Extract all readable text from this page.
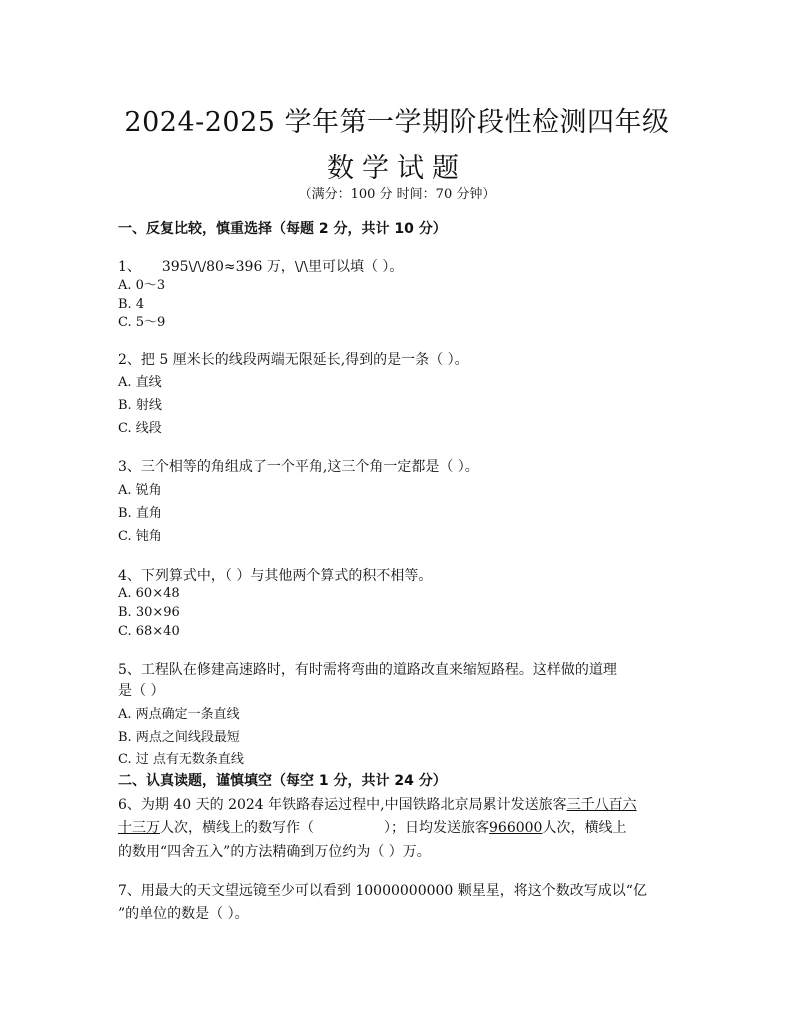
2024-2025 学年第一学期阶段性检测四年级
数学试题
（满分：100 分 时间：70 分钟）
一、反复比较，慎重选择（每题 2 分，共计 10 分）
1、 395\/\/80≈396 万，\/\里可以填（ ）。
A. 0～3
B. 4
C. 5～9
2、把 5 厘米长的线段两端无限延长,得到的是一条（ ）。
A. 直线
B. 射线
C. 线段
3、三个相等的角组成了一个平角,这三个角一定都是（ ）。
A. 锐角
B. 直角
C. 钝角
4、下列算式中，（ ）与其他两个算式的积不相等。
A. 60×48
B. 30×96
C. 68×40
5、工程队在修建高速路时，有时需将弯曲的道路改直来缩短路程。这样做的道理
是（ ）
A. 两点确定一条直线
B. 两点之间线段最短
C. 过 点有无数条直线
二、认真读题，谨慎填空（每空 1 分，共计 24 分）
6、为期 40 天的 2024 年铁路春运过程中,中国铁路北京局累计发送旅客三千八百六
十三万人次，横线上的数写作（	）；日均发送旅客966000人次，横线上
的数用“四舍五入”的方法精确到万位约为（ ）万。
7、用最大的天文望远镜至少可以看到 10000000000 颗星星，将这个数改写成以“亿
”的单位的数是（ ）。
